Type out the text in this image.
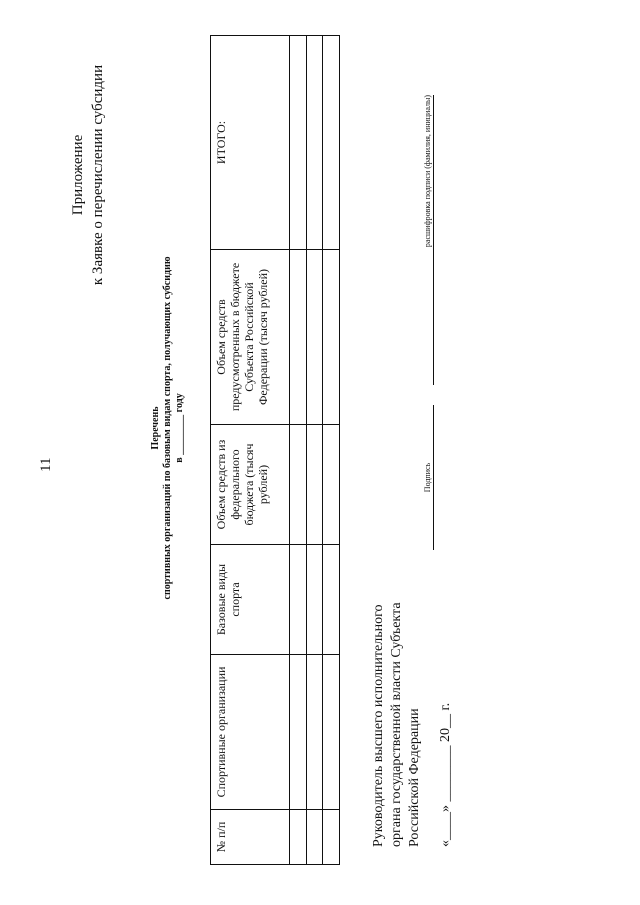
11
Приложение к Заявке о перечислении субсидии
Перечень спортивных организаций по базовым видам спорта, получающих субсидию в ________ году
№ п/п	Спортивные организации	Базовые виды спорта	Объем средств из федерального бюджета (тысяч рублей)	Объем средств предусмотренных в бюджете Субъекта Российской Федерации (тысяч рублей)	ИТОГО:

Руководитель высшего исполнительного органа государственной власти Субъекта Российской Федерации
Подпись
расшифровка подписи (фамилия, инициалы)
«____» ________ 20__ г.
